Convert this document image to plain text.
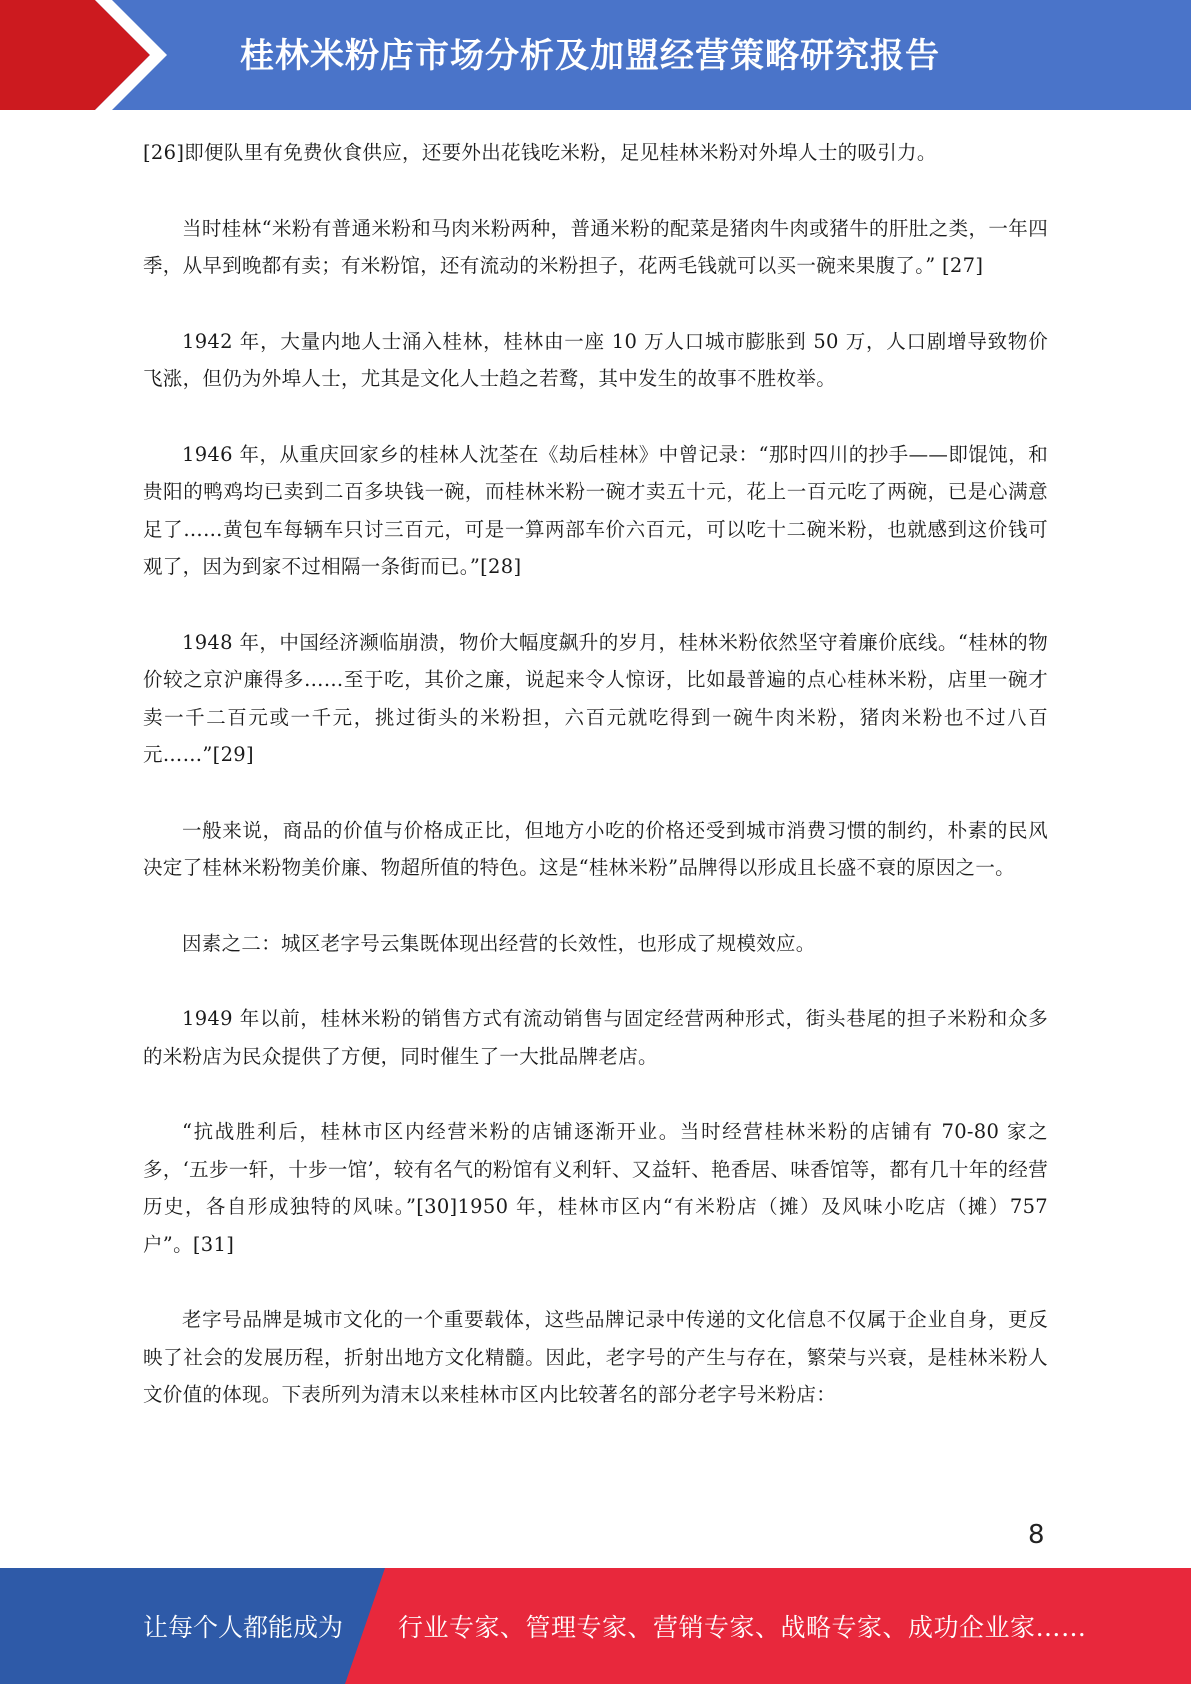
桂林米粉店市场分析及加盟经营策略研究报告

[26]即便队里有免费伙食供应，还要外出花钱吃米粉，足见桂林米粉对外埠人士的吸引力。

当时桂林“米粉有普通米粉和马肉米粉两种，普通米粉的配菜是猪肉牛肉或猪牛的肝肚之类，一年四季，从早到晚都有卖；有米粉馆，还有流动的米粉担子，花两毛钱就可以买一碗来果腹了。” [27]

1942 年，大量内地人士涌入桂林，桂林由一座 10 万人口城市膨胀到 50 万，人口剧增导致物价飞涨，但仍为外埠人士，尤其是文化人士趋之若鹜，其中发生的故事不胜枚举。

1946 年，从重庆回家乡的桂林人沈荃在《劫后桂林》中曾记录：“那时四川的抄手——即馄饨，和贵阳的鸭鸡均已卖到二百多块钱一碗，而桂林米粉一碗才卖五十元，花上一百元吃了两碗，已是心满意足了……黄包车每辆车只讨三百元，可是一算两部车价六百元，可以吃十二碗米粉，也就感到这价钱可观了，因为到家不过相隔一条街而已。”[28]

1948 年，中国经济濒临崩溃，物价大幅度飙升的岁月，桂林米粉依然坚守着廉价底线。“桂林的物价较之京沪廉得多……至于吃，其价之廉，说起来令人惊讶，比如最普遍的点心桂林米粉，店里一碗才卖一千二百元或一千元，挑过街头的米粉担，六百元就吃得到一碗牛肉米粉，猪肉米粉也不过八百元……”[29]

一般来说，商品的价值与价格成正比，但地方小吃的价格还受到城市消费习惯的制约，朴素的民风决定了桂林米粉物美价廉、物超所值的特色。这是“桂林米粉”品牌得以形成且长盛不衰的原因之一。

因素之二：城区老字号云集既体现出经营的长效性，也形成了规模效应。

1949 年以前，桂林米粉的销售方式有流动销售与固定经营两种形式，街头巷尾的担子米粉和众多的米粉店为民众提供了方便，同时催生了一大批品牌老店。

“抗战胜利后，桂林市区内经营米粉的店铺逐渐开业。当时经营桂林米粉的店铺有 70-80 家之多，‘五步一轩，十步一馆’，较有名气的粉馆有义利轩、又益轩、艳香居、味香馆等，都有几十年的经营历史，各自形成独特的风味。”[30]1950 年，桂林市区内“有米粉店（摊）及风味小吃店（摊）757 户”。[31]

老字号品牌是城市文化的一个重要载体，这些品牌记录中传递的文化信息不仅属于企业自身，更反映了社会的发展历程，折射出地方文化精髓。因此，老字号的产生与存在，繁荣与兴衰，是桂林米粉人文价值的体现。下表所列为清末以来桂林市区内比较著名的部分老字号米粉店：

8
让每个人都能成为 行业专家、管理专家、营销专家、战略专家、成功企业家……
